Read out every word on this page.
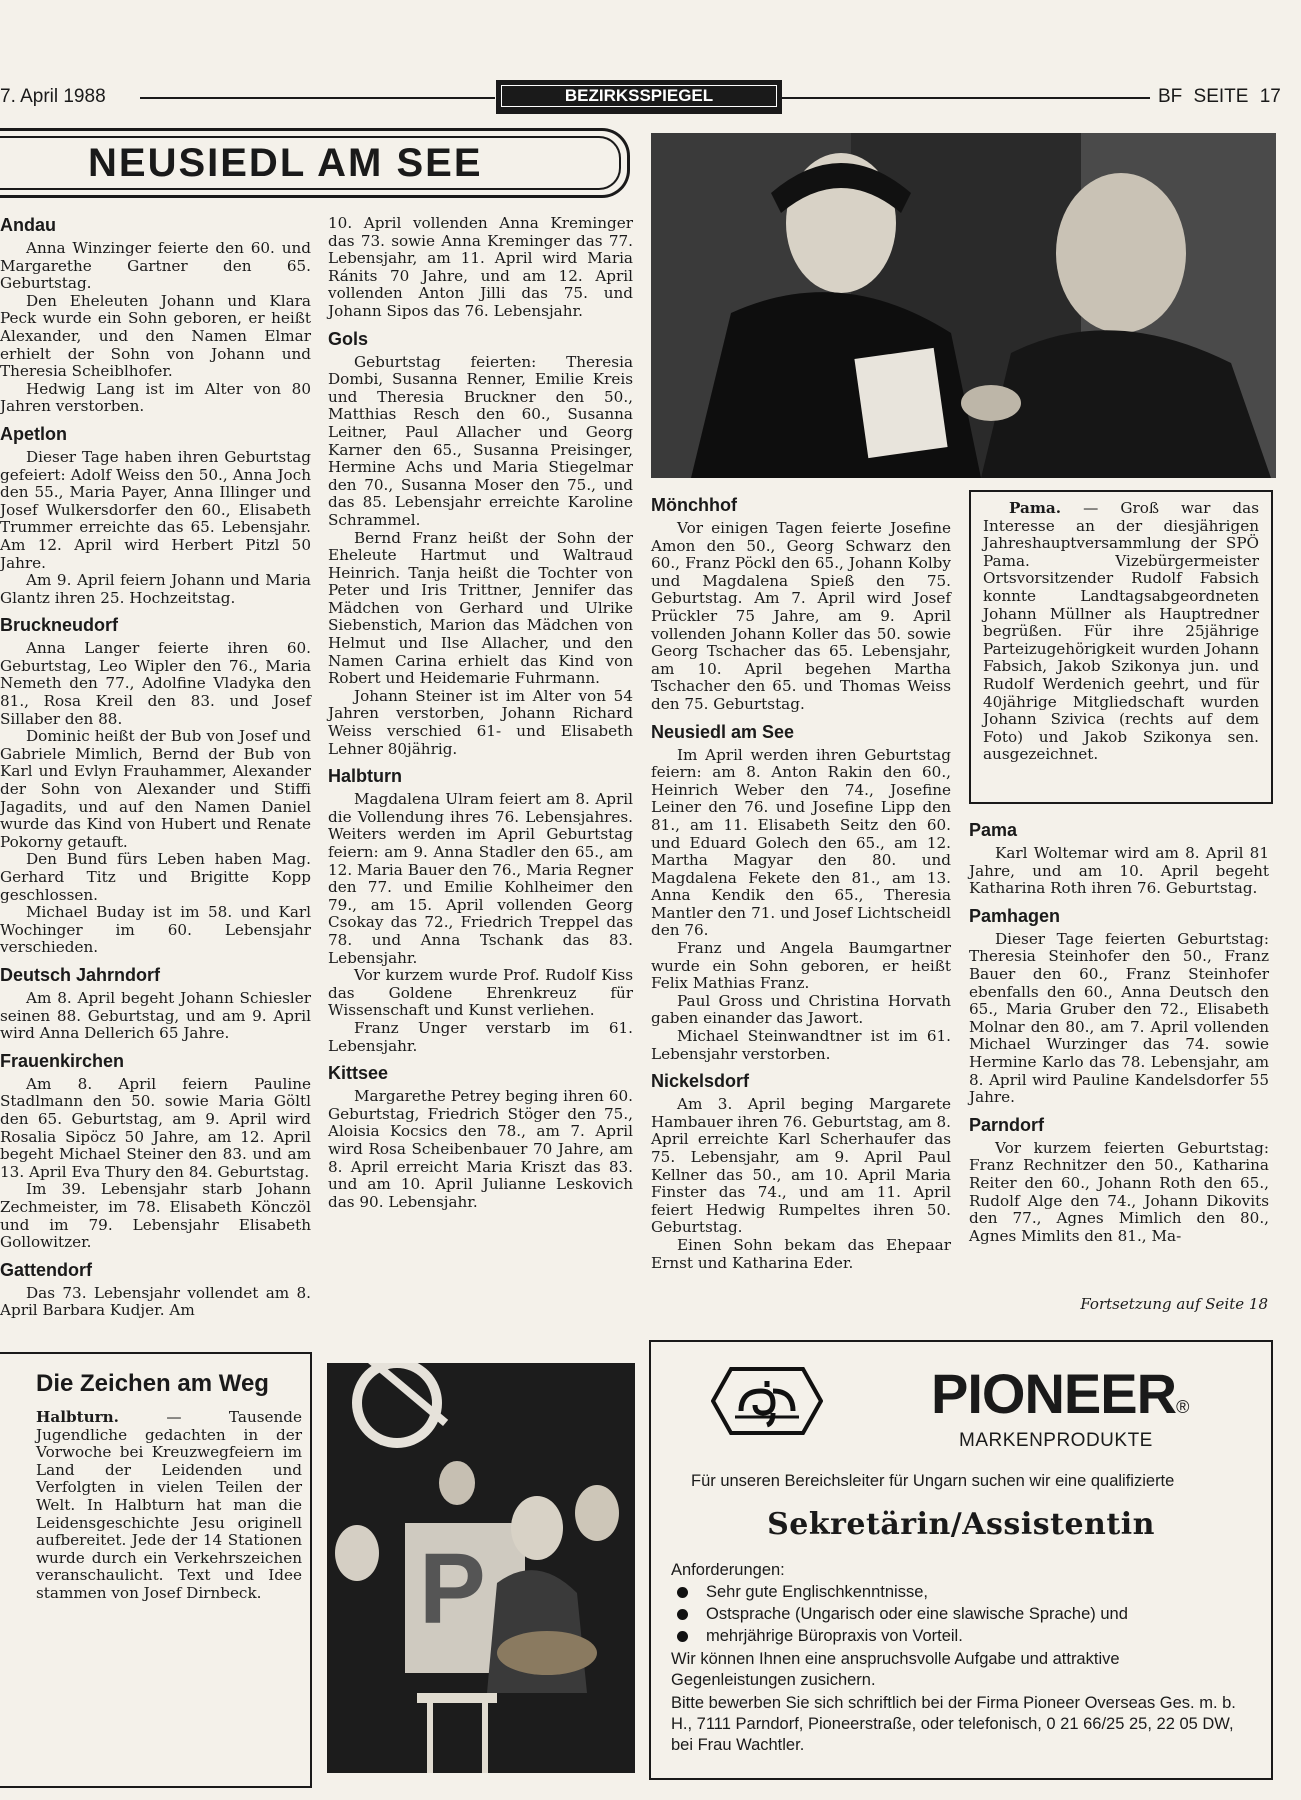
7. April 1988	BEZIRKSSPIEGEL	BF SEITE 17
NEUSIEDL AM SEE
Andau

Anna Winzinger feierte den 60. und Margarethe Gartner den 65. Geburtstag.

Den Eheleuten Johann und Klara Peck wurde ein Sohn geboren, er heißt Alexander, und den Namen Elmar erhielt der Sohn von Johann und Theresia Scheiblhofer.

Hedwig Lang ist im Alter von 80 Jahren verstorben.

Apetlon

Dieser Tage haben ihren Geburtstag gefeiert: Adolf Weiss den 50., Anna Joch den 55., Maria Payer, Anna Illinger und Josef Wulkersdorfer den 60., Elisabeth Trummer erreichte das 65. Lebensjahr. Am 12. April wird Herbert Pitzl 50 Jahre.

Am 9. April feiern Johann und Maria Glantz ihren 25. Hochzeitstag.

Bruckneudorf

Anna Langer feierte ihren 60. Geburtstag, Leo Wipler den 76., Maria Nemeth den 77., Adolfine Vladyka den 81., Rosa Kreil den 83. und Josef Sillaber den 88.

Dominic heißt der Bub von Josef und Gabriele Mimlich, Bernd der Bub von Karl und Evlyn Frauhammer, Alexander der Sohn von Alexander und Stiffi Jagadits, und auf den Namen Daniel wurde das Kind von Hubert und Renate Pokorny getauft.

Den Bund fürs Leben haben Mag. Gerhard Titz und Brigitte Kopp geschlossen.

Michael Buday ist im 58. und Karl Wochinger im 60. Lebensjahr verschieden.

Deutsch Jahrndorf

Am 8. April begeht Johann Schiesler seinen 88. Geburtstag, und am 9. April wird Anna Dellerich 65 Jahre.

Frauenkirchen

Am 8. April feiern Pauline Stadlmann den 50. sowie Maria Göltl den 65. Geburtstag, am 9. April wird Rosalia Sipöcz 50 Jahre, am 12. April begeht Michael Steiner den 83. und am 13. April Eva Thury den 84. Geburtstag.

Im 39. Lebensjahr starb Johann Zechmeister, im 78. Elisabeth Könczöl und im 79. Lebensjahr Elisabeth Gollowitzer.

Gattendorf

Das 73. Lebensjahr vollendet am 8. April Barbara Kudjer. Am

10. April vollenden Anna Kreminger das 73. sowie Anna Kreminger das 77. Lebensjahr, am 11. April wird Maria Ránits 70 Jahre, und am 12. April vollenden Anton Jilli das 75. und Johann Sipos das 76. Lebensjahr.

Gols

Geburtstag feierten: Theresia Dombi, Susanna Renner, Emilie Kreis und Theresia Bruckner den 50., Matthias Resch den 60., Susanna Leitner, Paul Allacher und Georg Karner den 65., Susanna Preisinger, Hermine Achs und Maria Stiegelmar den 70., Susanna Moser den 75., und das 85. Lebensjahr erreichte Karoline Schrammel.

Bernd Franz heißt der Sohn der Eheleute Hartmut und Waltraud Heinrich. Tanja heißt die Tochter von Peter und Iris Trittner, Jennifer das Mädchen von Gerhard und Ulrike Siebenstich, Marion das Mädchen von Helmut und Ilse Allacher, und den Namen Carina erhielt das Kind von Robert und Heidemarie Fuhrmann.

Johann Steiner ist im Alter von 54 Jahren verstorben, Johann Richard Weiss verschied 61- und Elisabeth Lehner 80jährig.

Halbturn

Magdalena Ulram feiert am 8. April die Vollendung ihres 76. Lebensjahres. Weiters werden im April Geburtstag feiern: am 9. Anna Stadler den 65., am 12. Maria Bauer den 76., Maria Regner den 77. und Emilie Kohlheimer den 79., am 15. April vollenden Georg Csokay das 72., Friedrich Treppel das 78. und Anna Tschank das 83. Lebensjahr.

Vor kurzem wurde Prof. Rudolf Kiss das Goldene Ehrenkreuz für Wissenschaft und Kunst verliehen.

Franz Unger verstarb im 61. Lebensjahr.

Kittsee

Margarethe Petrey beging ihren 60. Geburtstag, Friedrich Stöger den 75., Aloisia Kocsics den 78., am 7. April wird Rosa Scheibenbauer 70 Jahre, am 8. April erreicht Maria Kriszt das 83. und am 10. April Julianne Leskovich das 90. Lebensjahr.

Mönchhof

Vor einigen Tagen feierte Josefine Amon den 50., Georg Schwarz den 60., Franz Pöckl den 65., Johann Kolby und Magdalena Spieß den 75. Geburtstag. Am 7. April wird Josef Prückler 75 Jahre, am 9. April vollenden Johann Koller das 50. sowie Georg Tschacher das 65. Lebensjahr, am 10. April begehen Martha Tschacher den 65. und Thomas Weiss den 75. Geburtstag.

Neusiedl am See

Im April werden ihren Geburtstag feiern: am 8. Anton Rakin den 60., Heinrich Weber den 74., Josefine Leiner den 76. und Josefine Lipp den 81., am 11. Elisabeth Seitz den 60. und Eduard Golech den 65., am 12. Martha Magyar den 80. und Magdalena Fekete den 81., am 13. Anna Kendik den 65., Theresia Mantler den 71. und Josef Lichtscheidl den 76.

Franz und Angela Baumgartner wurde ein Sohn geboren, er heißt Felix Mathias Franz.

Paul Gross und Christina Horvath gaben einander das Jawort.

Michael Steinwandtner ist im 61. Lebensjahr verstorben.

Nickelsdorf

Am 3. April beging Margarete Hambauer ihren 76. Geburtstag, am 8. April erreichte Karl Scherhaufer das 75. Lebensjahr, am 9. April Paul Kellner das 50., am 10. April Maria Finster das 74., und am 11. April feiert Hedwig Rumpeltes ihren 50. Geburtstag.

Einen Sohn bekam das Ehepaar Ernst und Katharina Eder.

Pama. — Groß war das Interesse an der diesjährigen Jahreshauptversammlung der SPÖ Pama. Vizebürgermeister Ortsvorsitzender Rudolf Fabsich konnte Landtagsabgeordneten Johann Müllner als Hauptredner begrüßen. Für ihre 25jährige Parteizugehörigkeit wurden Johann Fabsich, Jakob Szikonya jun. und Rudolf Werdenich geehrt, und für 40jährige Mitgliedschaft wurden Johann Szivica (rechts auf dem Foto) und Jakob Szikonya sen. ausgezeichnet.

Pama

Karl Woltemar wird am 8. April 81 Jahre, und am 10. April begeht Katharina Roth ihren 76. Geburtstag.

Pamhagen

Dieser Tage feierten Geburtstag: Theresia Steinhofer den 50., Franz Bauer den 60., Franz Steinhofer ebenfalls den 60., Anna Deutsch den 65., Maria Gruber den 72., Elisabeth Molnar den 80., am 7. April vollenden Michael Wurzinger das 74. sowie Hermine Karlo das 78. Lebensjahr, am 8. April wird Pauline Kandelsdorfer 55 Jahre.

Parndorf

Vor kurzem feierten Geburtstag: Franz Rechnitzer den 50., Katharina Reiter den 60., Johann Roth den 65., Rudolf Alge den 74., Johann Dikovits den 77., Agnes Mimlich den 80., Agnes Mimlits den 81., Ma-

Fortsetzung auf Seite 18
P
Die Zeichen am Weg

Halbturn. — Tausende Jugendliche gedachten in der Vorwoche bei Kreuzwegfeiern im Land der Leidenden und Verfolgten in vielen Teilen der Welt. In Halbturn hat man die Leidensgeschichte Jesu originell aufbereitet. Jede der 14 Stationen wurde durch ein Verkehrszeichen veranschaulicht. Text und Idee stammen von Josef Dirnbeck.

PIONEER®
MARKENPRODUKTE
Für unseren Bereichsleiter für Ungarn suchen wir eine qualifizierte
Sekretärin/Assistentin
Anforderungen:
Sehr gute Englischkenntnisse,
Ostsprache (Ungarisch oder eine slawische Sprache) und
mehrjährige Büropraxis von Vorteil.
Wir können Ihnen eine anspruchsvolle Aufgabe und attraktive Gegenleistungen zusichern.
Bitte bewerben Sie sich schriftlich bei der Firma Pioneer Overseas Ges. m. b. H., 7111 Parndorf, Pioneerstraße, oder telefonisch, 0 21 66/25 25, 22 05 DW, bei Frau Wachtler.
